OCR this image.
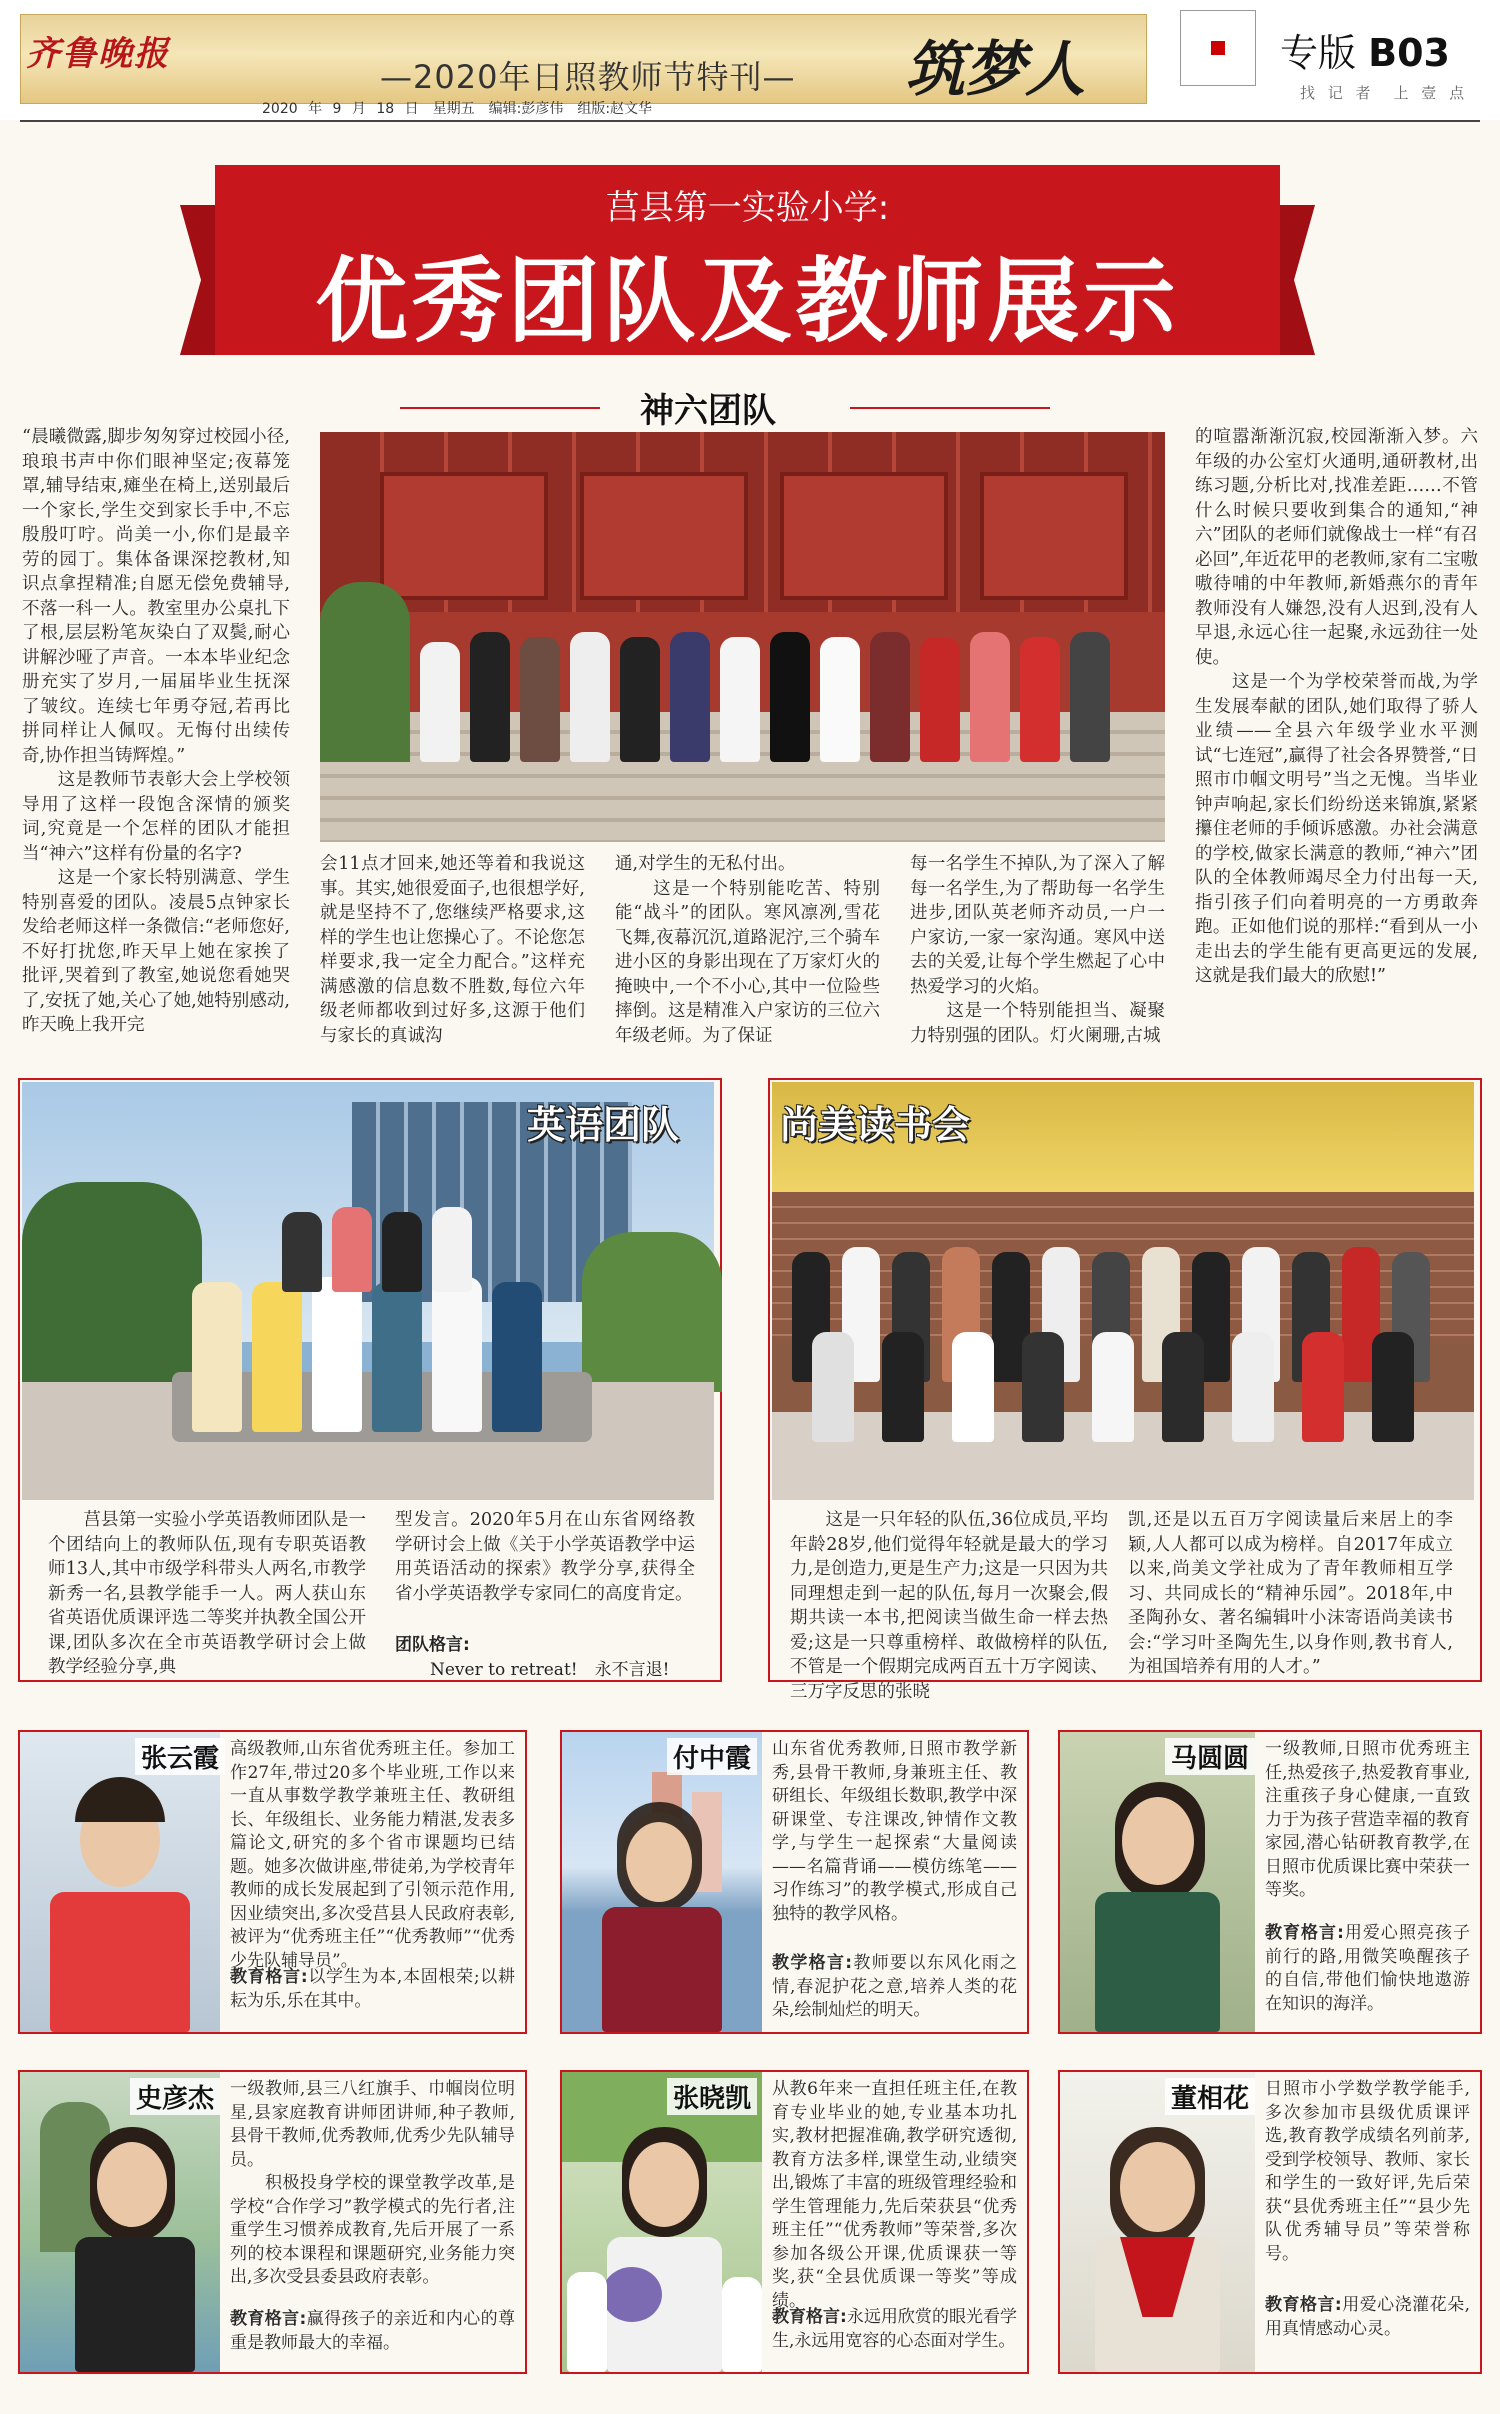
齐鲁晚报
—2020年日照教师节特刊— 筑梦人
2020 年 9 月 18 日　星期五　编辑:彭彦伟　组版:赵文华
专版 B03
找 记 者　上 壹 点
莒县第一实验小学:
优秀团队及教师展示
神六团队
“晨曦微露,脚步匆匆穿过校园小径,琅琅书声中你们眼神坚定;夜幕笼罩,辅导结束,瘫坐在椅上,送别最后一个家长,学生交到家长手中,不忘殷殷叮咛。尚美一小,你们是最辛劳的园丁。集体备课深挖教材,知识点拿捏精准;自愿无偿免费辅导,不落一科一人。教室里办公桌扎下了根,层层粉笔灰染白了双鬓,耐心讲解沙哑了声音。一本本毕业纪念册充实了岁月,一届届毕业生抚深了皱纹。连续七年勇夺冠,若再比拼同样让人佩叹。无悔付出续传奇,协作担当铸辉煌。”
　　这是教师节表彰大会上学校领导用了这样一段饱含深情的颁奖词,究竟是一个怎样的团队才能担当“神六”这样有份量的名字?
　　这是一个家长特别满意、学生特别喜爱的团队。凌晨5点钟家长发给老师这样一条微信:“老师您好,不好打扰您,昨天早上她在家挨了批评,哭着到了教室,她说您看她哭了,安抚了她,关心了她,她特别感动,昨天晚上我开完
会11点才回来,她还等着和我说这事。其实,她很爱面子,也很想学好,就是坚持不了,您继续严格要求,这样的学生也让您操心了。不论您怎样要求,我一定全力配合。”这样充满感激的信息数不胜数,每位六年级老师都收到过好多,这源于他们与家长的真诚沟
通,对学生的无私付出。
　　这是一个特别能吃苦、特别能“战斗”的团队。寒风凛冽,雪花飞舞,夜幕沉沉,道路泥泞,三个骑车进小区的身影出现在了万家灯火的掩映中,一个不小心,其中一位险些摔倒。这是精准入户家访的三位六年级老师。为了保证
每一名学生不掉队,为了深入了解每一名学生,为了帮助每一名学生进步,团队英老师齐动员,一户一户家访,一家一家沟通。寒风中送去的关爱,让每个学生燃起了心中热爱学习的火焰。
　　这是一个特别能担当、凝聚力特别强的团队。灯火阑珊,古城
的喧嚣渐渐沉寂,校园渐渐入梦。六年级的办公室灯火通明,通研教材,出练习题,分析比对,找准差距……不管什么时候只要收到集合的通知,“神六”团队的老师们就像战士一样“有召必回”,年近花甲的老教师,家有二宝嗷嗷待哺的中年教师,新婚燕尔的青年教师没有人嫌怨,没有人迟到,没有人早退,永远心往一起聚,永远劲往一处使。
　　这是一个为学校荣誉而战,为学生发展奉献的团队,她们取得了骄人业绩——全县六年级学业水平测试“七连冠”,赢得了社会各界赞誉,“日照市巾帼文明号”当之无愧。当毕业钟声响起,家长们纷纷送来锦旗,紧紧攥住老师的手倾诉感激。办社会满意的学校,做家长满意的教师,“神六”团队的全体教师竭尽全力付出每一天,指引孩子们向着明亮的一方勇敢奔跑。正如他们说的那样:“看到从一小走出去的学生能有更高更远的发展,这就是我们最大的欣慰!”
英语团队
　　莒县第一实验小学英语教师团队是一个团结向上的教师队伍,现有专职英语教师13人,其中市级学科带头人两名,市教学新秀一名,县教学能手一人。两人获山东省英语优质课评选二等奖并执教全国公开课,团队多次在全市英语教学研讨会上做教学经验分享,典
型发言。2020年5月在山东省网络教学研讨会上做《关于小学英语教学中运用英语活动的探索》教学分享,获得全省小学英语教学专家同仁的高度肯定。
团队格言:
Never to retreat!　永不言退!
尚美读书会
　　这是一只年轻的队伍,36位成员,平均年龄28岁,他们觉得年轻就是最大的学习力,是创造力,更是生产力;这是一只因为共同理想走到一起的队伍,每月一次聚会,假期共读一本书,把阅读当做生命一样去热爱;这是一只尊重榜样、敢做榜样的队伍,不管是一个假期完成两百五十万字阅读、三万字反思的张晓
凯,还是以五百万字阅读量后来居上的李颖,人人都可以成为榜样。自2017年成立以来,尚美文学社成为了青年教师相互学习、共同成长的“精神乐园”。2018年,中圣陶孙女、著名编辑叶小沫寄语尚美读书会:“学习叶圣陶先生,以身作则,教书育人,为祖国培养有用的人才。”
张云霞 高级教师,山东省优秀班主任。参加工作27年,带过20多个毕业班,工作以来一直从事数学教学兼班主任、教研组长、年级组长、业务能力精湛,发表多篇论文,研究的多个省市课题均已结题。她多次做讲座,带徒弟,为学校青年教师的成长发展起到了引领示范作用,因业绩突出,多次受莒县人民政府表彰,被评为“优秀班主任”“优秀教师”“优秀少先队辅导员”。
教育格言:以学生为本,本固根荣;以耕耘为乐,乐在其中。
付中霞	山东省优秀教师,日照市教学新秀,县骨干教师,身兼班主任、教研组长、年级组长数职,教学中深研课堂、专注课改,钟情作文教学,与学生一起探索“大量阅读——名篇背诵——模仿练笔——习作练习”的教学模式,形成自己独特的教学风格。
教学格言:教师要以东风化雨之情,春泥护花之意,培养人类的花朵,绘制灿烂的明天。
马圆圆 一级教师,日照市优秀班主任,热爱孩子,热爱教育事业,注重孩子身心健康,一直致力于为孩子营造幸福的教育家园,潜心钻研教育教学,在日照市优质课比赛中荣获一等奖。
教育格言:用爱心照亮孩子前行的路,用微笑唤醒孩子的自信,带他们愉快地遨游在知识的海洋。
史彦杰 一级教师,县三八红旗手、巾帼岗位明星,县家庭教育讲师团讲师,种子教师,县骨干教师,优秀教师,优秀少先队辅导员。
　　积极投身学校的课堂教学改革,是学校“合作学习”教学模式的先行者,注重学生习惯养成教育,先后开展了一系列的校本课程和课题研究,业务能力突出,多次受县委县政府表彰。
教育格言:赢得孩子的亲近和内心的尊重是教师最大的幸福。
张晓凯	从教6年来一直担任班主任,在教育专业毕业的她,专业基本功扎实,教材把握准确,教学研究透彻,教育方法多样,课堂生动,业绩突出,锻炼了丰富的班级管理经验和学生管理能力,先后荣获县“优秀班主任”“优秀教师”等荣誉,多次参加各级公开课,优质课获一等奖,获“全县优质课一等奖”等成绩。
教育格言:永远用欣赏的眼光看学生,永远用宽容的心态面对学生。
董相花 日照市小学数学教学能手,多次参加市县级优质课评选,教育教学成绩名列前茅,受到学校领导、教师、家长和学生的一致好评,先后荣获“县优秀班主任”“县少先队优秀辅导员”等荣誉称号。
教育格言:用爱心浇灌花朵,用真情感动心灵。
